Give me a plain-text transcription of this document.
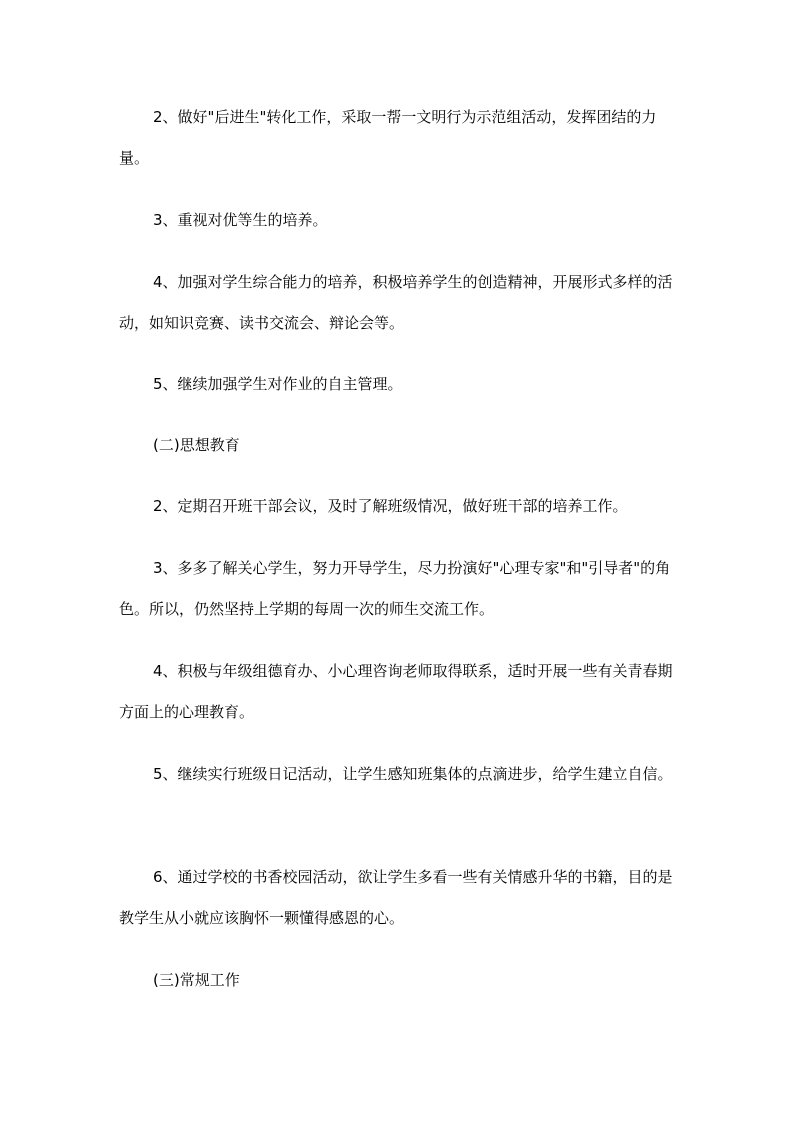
2、做好"后进生"转化工作，采取一帮一文明行为示范组活动，发挥团结的力量。

3、重视对优等生的培养。

4、加强对学生综合能力的培养，积极培养学生的创造精神，开展形式多样的活动，如知识竞赛、读书交流会、辩论会等。

5、继续加强学生对作业的自主管理。

(二)思想教育

2、定期召开班干部会议，及时了解班级情况，做好班干部的培养工作。

3、多多了解关心学生，努力开导学生，尽力扮演好"心理专家"和"引导者"的角色。所以，仍然坚持上学期的每周一次的师生交流工作。

4、积极与年级组德育办、小心理咨询老师取得联系，适时开展一些有关青春期方面上的心理教育。

5、继续实行班级日记活动，让学生感知班集体的点滴进步，给学生建立自信。

6、通过学校的书香校园活动，欲让学生多看一些有关情感升华的书籍，目的是教学生从小就应该胸怀一颗懂得感恩的心。

(三)常规工作
